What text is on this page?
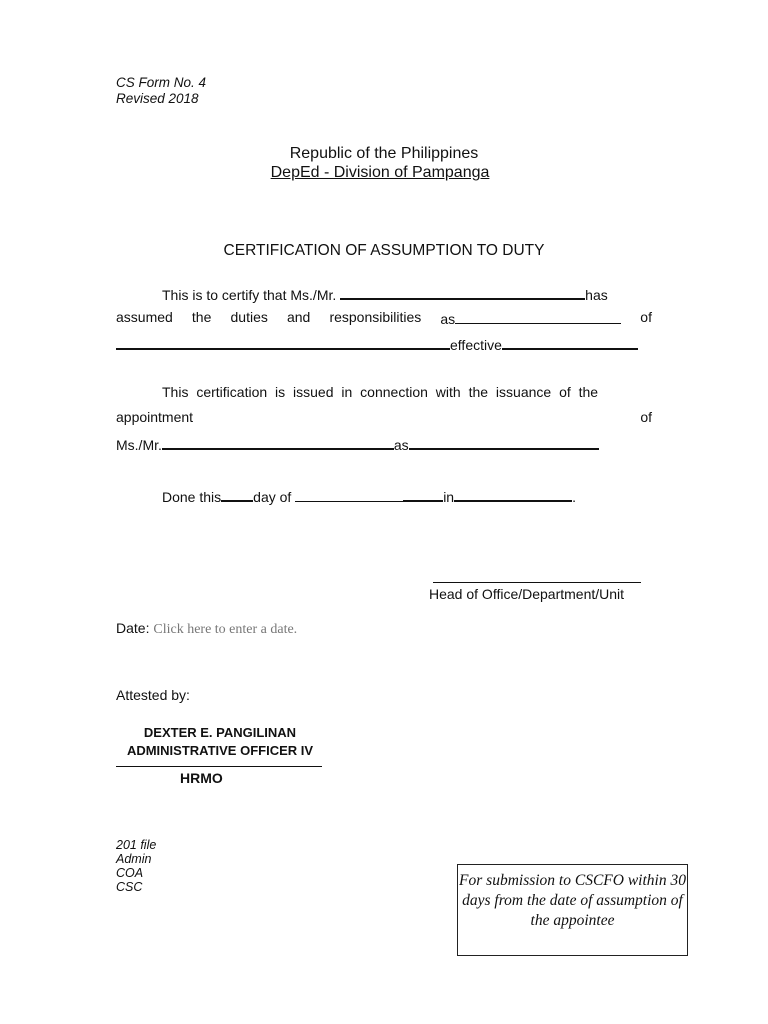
CS Form No. 4
Revised 2018
Republic of the Philippines
DepEd - Division of Pampanga
CERTIFICATION OF ASSUMPTION TO DUTY
This is to certify that Ms./Mr.	has
assumed the duties and responsibilities as	of
effective
This certification is issued in connection with the issuance of the
appointment	of
Ms./Mr.	as
Done this day of	in	.
Head of Office/Department/Unit
Date: Click here to enter a date.
Attested by:
DEXTER E. PANGILINAN
ADMINISTRATIVE OFFICER IV
HRMO
201 file
Admin
COA
CSC	For submission to CSCFO within 30 days from the date of assumption of the appointee
